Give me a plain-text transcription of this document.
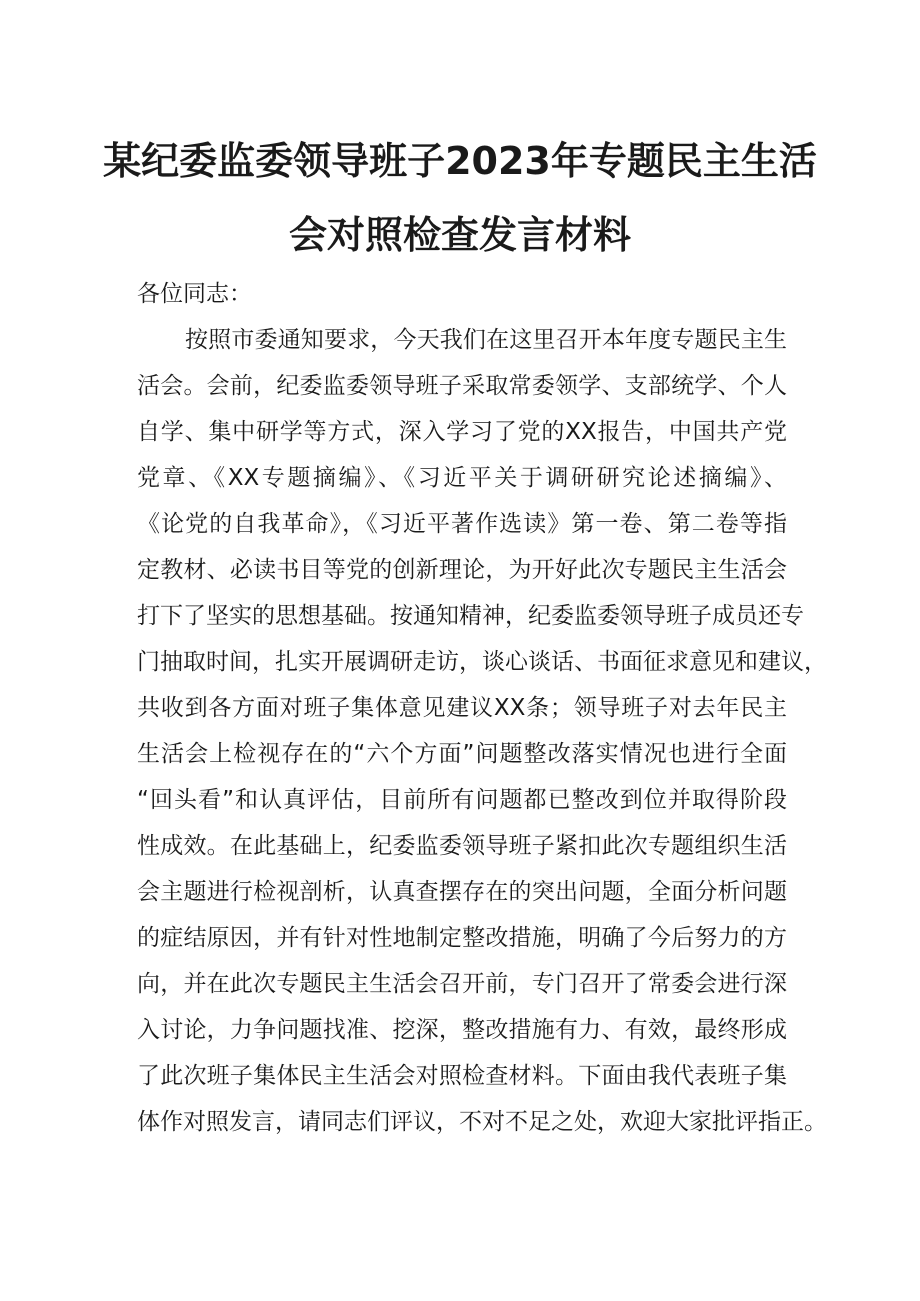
某纪委监委领导班子2023年专题民主生活
会对照检查发言材料
各位同志：
按照市委通知要求，今天我们在这里召开本年度专题民主生
活会。会前，纪委监委领导班子采取常委领学、支部统学、个人
自学、集中研学等方式，深入学习了党的XX报告，中国共产党
党章、《XX专题摘编》、《习近平关于调研研究论述摘编》、
《论党的自我革命》，《习近平著作选读》第一卷、第二卷等指
定教材、必读书目等党的创新理论，为开好此次专题民主生活会
打下了坚实的思想基础。按通知精神，纪委监委领导班子成员还专
门抽取时间，扎实开展调研走访，谈心谈话、书面征求意见和建议，
共收到各方面对班子集体意见建议XX条；领导班子对去年民主
生活会上检视存在的“六个方面”问题整改落实情况也进行全面
“回头看”和认真评估，目前所有问题都已整改到位并取得阶段
性成效。在此基础上，纪委监委领导班子紧扣此次专题组织生活
会主题进行检视剖析，认真查摆存在的突出问题，全面分析问题
的症结原因，并有针对性地制定整改措施，明确了今后努力的方
向，并在此次专题民主生活会召开前，专门召开了常委会进行深
入讨论，力争问题找准、挖深，整改措施有力、有效，最终形成
了此次班子集体民主生活会对照检查材料。下面由我代表班子集
体作对照发言，请同志们评议，不对不足之处，欢迎大家批评指正。
